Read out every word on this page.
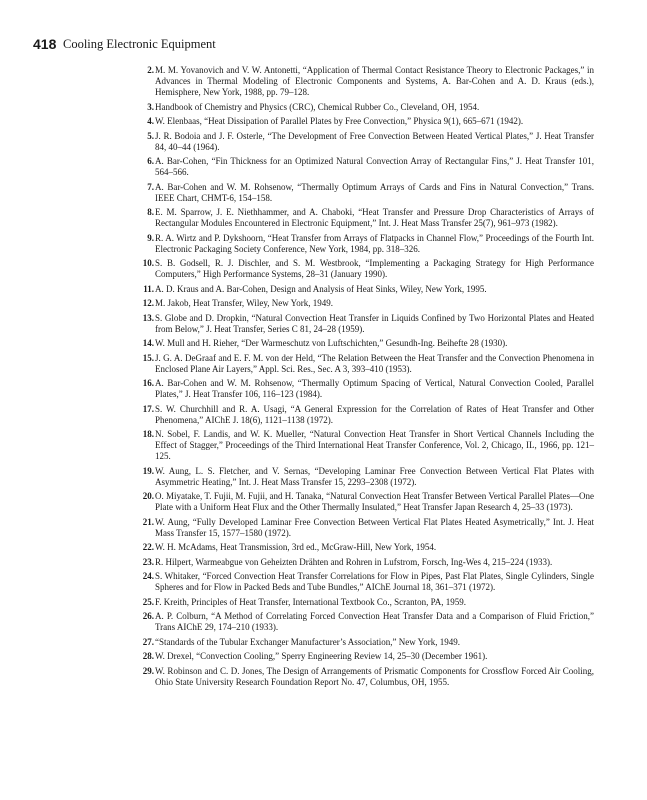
418 Cooling Electronic Equipment
2. M. M. Yovanovich and V. W. Antonetti, “Application of Thermal Contact Resistance Theory to Electronic Packages,” in Advances in Thermal Modeling of Electronic Components and Systems, A. Bar-Cohen and A. D. Kraus (eds.), Hemisphere, New York, 1988, pp. 79–128.
3. Handbook of Chemistry and Physics (CRC), Chemical Rubber Co., Cleveland, OH, 1954.
4. W. Elenbaas, “Heat Dissipation of Parallel Plates by Free Convection,” Physica 9(1), 665–671 (1942).
5. J. R. Bodoia and J. F. Osterle, “The Development of Free Convection Between Heated Vertical Plates,” J. Heat Transfer 84, 40–44 (1964).
6. A. Bar-Cohen, “Fin Thickness for an Optimized Natural Convection Array of Rectangular Fins,” J. Heat Transfer 101, 564–566.
7. A. Bar-Cohen and W. M. Rohsenow, “Thermally Optimum Arrays of Cards and Fins in Natural Convection,” Trans. IEEE Chart, CHMT-6, 154–158.
8. E. M. Sparrow, J. E. Niethhammer, and A. Chaboki, “Heat Transfer and Pressure Drop Characteristics of Arrays of Rectangular Modules Encountered in Electronic Equipment,” Int. J. Heat Mass Transfer 25(7), 961–973 (1982).
9. R. A. Wirtz and P. Dykshoorn, “Heat Transfer from Arrays of Flatpacks in Channel Flow,” Proceedings of the Fourth Int. Electronic Packaging Society Conference, New York, 1984, pp. 318–326.
10. S. B. Godsell, R. J. Dischler, and S. M. Westbrook, “Implementing a Packaging Strategy for High Performance Computers,” High Performance Systems, 28–31 (January 1990).
11. A. D. Kraus and A. Bar-Cohen, Design and Analysis of Heat Sinks, Wiley, New York, 1995.
12. M. Jakob, Heat Transfer, Wiley, New York, 1949.
13. S. Globe and D. Dropkin, “Natural Convection Heat Transfer in Liquids Confined by Two Horizontal Plates and Heated from Below,” J. Heat Transfer, Series C 81, 24–28 (1959).
14. W. Mull and H. Rieher, “Der Warmeschutz von Luftschichten,” Gesundh-Ing. Beihefte 28 (1930).
15. J. G. A. DeGraaf and E. F. M. von der Held, “The Relation Between the Heat Transfer and the Convection Phenomena in Enclosed Plane Air Layers,” Appl. Sci. Res., Sec. A 3, 393–410 (1953).
16. A. Bar-Cohen and W. M. Rohsenow, “Thermally Optimum Spacing of Vertical, Natural Convection Cooled, Parallel Plates,” J. Heat Transfer 106, 116–123 (1984).
17. S. W. Churchhill and R. A. Usagi, “A General Expression for the Correlation of Rates of Heat Transfer and Other Phenomena,” AIChE J. 18(6), 1121–1138 (1972).
18. N. Sobel, F. Landis, and W. K. Mueller, “Natural Convection Heat Transfer in Short Vertical Channels Including the Effect of Stagger,” Proceedings of the Third International Heat Transfer Conference, Vol. 2, Chicago, IL, 1966, pp. 121–125.
19. W. Aung, L. S. Fletcher, and V. Sernas, “Developing Laminar Free Convection Between Vertical Flat Plates with Asymmetric Heating,” Int. J. Heat Mass Transfer 15, 2293–2308 (1972).
20. O. Miyatake, T. Fujii, M. Fujii, and H. Tanaka, “Natural Convection Heat Transfer Between Vertical Parallel Plates—One Plate with a Uniform Heat Flux and the Other Thermally Insulated,” Heat Transfer Japan Research 4, 25–33 (1973).
21. W. Aung, “Fully Developed Laminar Free Convection Between Vertical Flat Plates Heated Asymetrically,” Int. J. Heat Mass Transfer 15, 1577–1580 (1972).
22. W. H. McAdams, Heat Transmission, 3rd ed., McGraw-Hill, New York, 1954.
23. R. Hilpert, Warmeabgue von Geheizten Drähten and Rohren in Lufstrom, Forsch, Ing-Wes 4, 215–224 (1933).
24. S. Whitaker, “Forced Convection Heat Transfer Correlations for Flow in Pipes, Past Flat Plates, Single Cylinders, Single Spheres and for Flow in Packed Beds and Tube Bundles,” AIChE Journal 18, 361–371 (1972).
25. F. Kreith, Principles of Heat Transfer, International Textbook Co., Scranton, PA, 1959.
26. A. P. Colburn, “A Method of Correlating Forced Convection Heat Transfer Data and a Comparison of Fluid Friction,” Trans AIChE 29, 174–210 (1933).
27. “Standards of the Tubular Exchanger Manufacturer’s Association,” New York, 1949.
28. W. Drexel, “Convection Cooling,” Sperry Engineering Review 14, 25–30 (December 1961).
29. W. Robinson and C. D. Jones, The Design of Arrangements of Prismatic Components for Crossflow Forced Air Cooling, Ohio State University Research Foundation Report No. 47, Columbus, OH, 1955.
